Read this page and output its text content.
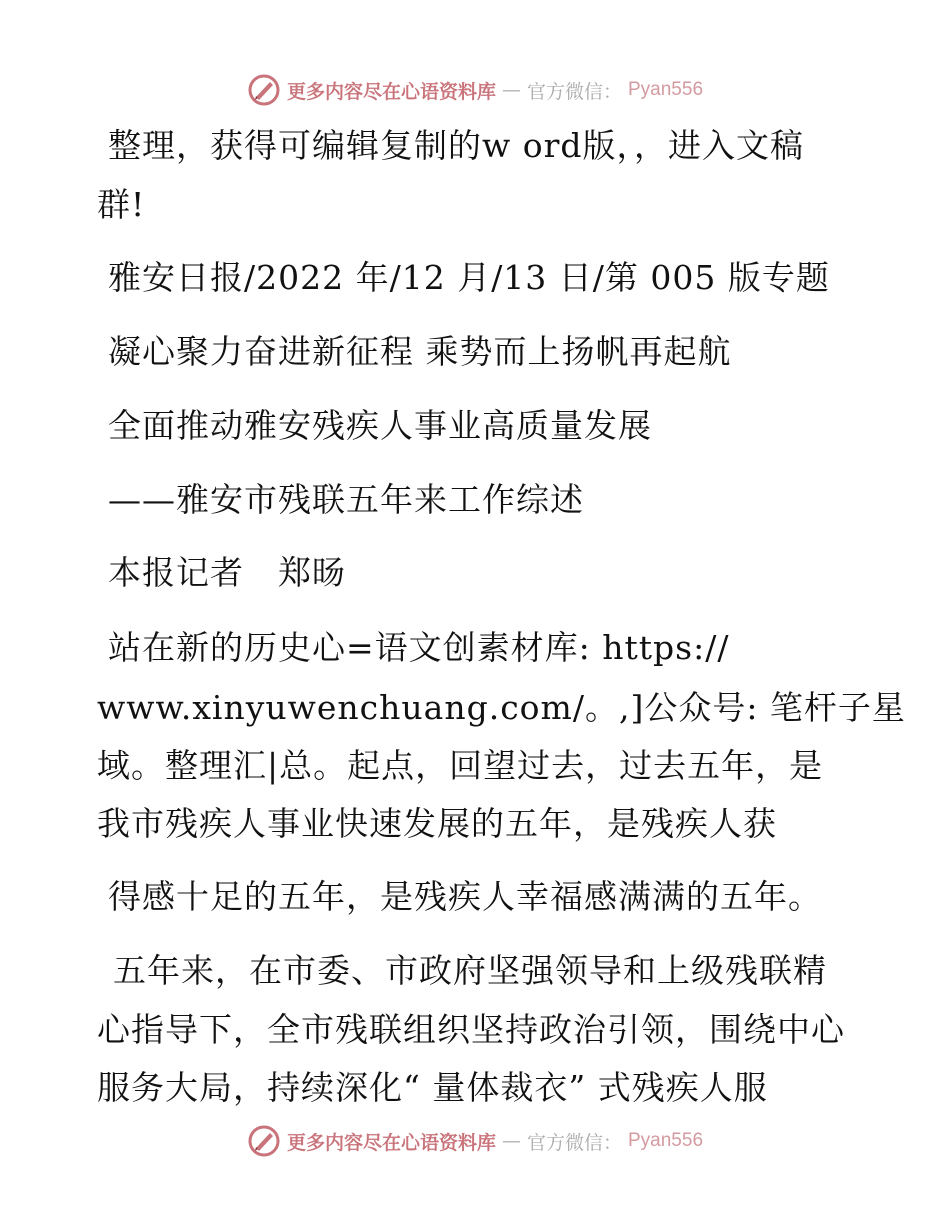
更多内容尽在心语资料库 — 官方微信： Pyan556

整理，获得可编辑复制的w ord版，，进入文稿

群!

雅安日报/2022 年/12 月/13 日/第 005 版专题

凝心聚力奋进新征程 乘势而上扬帆再起航

全面推动雅安残疾人事业高质量发展

——雅安市残联五年来工作综述

本报记者　郑旸

站在新的历史心=语文创素材库: https://

www.xinyuwenchuang.com/。,]公众号: 笔杆子星

域。整理汇|总。起点，回望过去，过去五年，是

我市残疾人事业快速发展的五年，是残疾人获

得感十足的五年，是残疾人幸福感满满的五年。

五年来，在市委、市政府坚强领导和上级残联精

心指导下，全市残联组织坚持政治引领，围绕中心

服务大局，持续深化“ 量体裁衣” 式残疾人服

更多内容尽在心语资料库 — 官方微信： Pyan556
